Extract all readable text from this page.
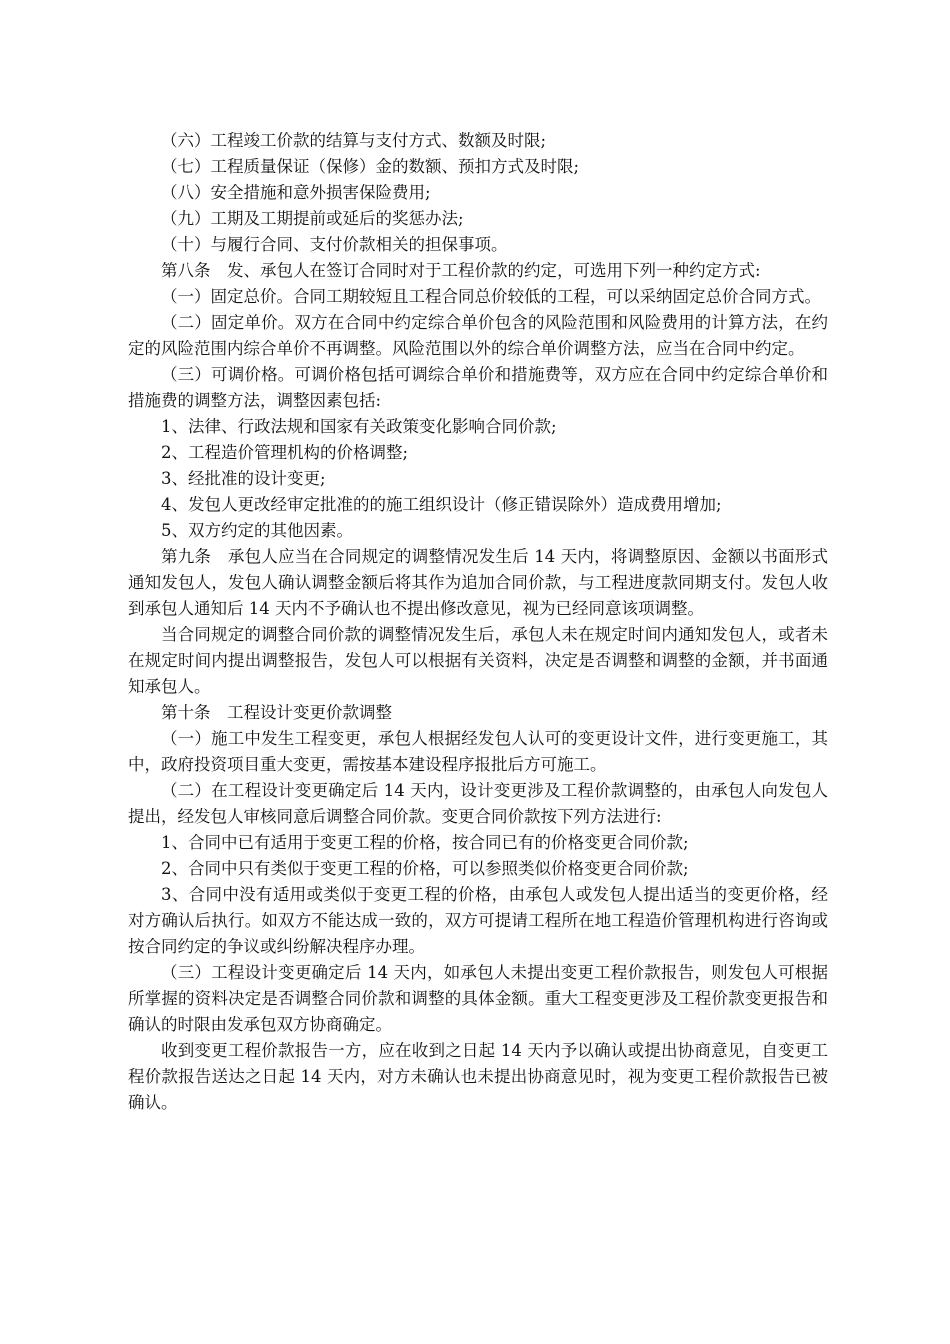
（六）工程竣工价款的结算与支付方式、数额及时限;

（七）工程质量保证（保修）金的数额、预扣方式及时限;

（八）安全措施和意外损害保险费用;

（九）工期及工期提前或延后的奖惩办法;

（十）与履行合同、支付价款相关的担保事项。

第八条　发、承包人在签订合同时对于工程价款的约定，可选用下列一种约定方式:

（一）固定总价。合同工期较短且工程合同总价较低的工程，可以采纳固定总价合同方式。

（二）固定单价。双方在合同中约定综合单价包含的风险范围和风险费用的计算方法，在约定的风险范围内综合单价不再调整。风险范围以外的综合单价调整方法，应当在合同中约定。

（三）可调价格。可调价格包括可调综合单价和措施费等，双方应在合同中约定综合单价和措施费的调整方法，调整因素包括:

1、法律、行政法规和国家有关政策变化影响合同价款;

2、工程造价管理机构的价格调整;

3、经批准的设计变更;

4、发包人更改经审定批准的的施工组织设计（修正错误除外）造成费用增加;

5、双方约定的其他因素。

第九条　承包人应当在合同规定的调整情况发生后 14 天内，将调整原因、金额以书面形式通知发包人，发包人确认调整金额后将其作为追加合同价款，与工程进度款同期支付。发包人收到承包人通知后 14 天内不予确认也不提出修改意见，视为已经同意该项调整。

当合同规定的调整合同价款的调整情况发生后，承包人未在规定时间内通知发包人，或者未在规定时间内提出调整报告，发包人可以根据有关资料，决定是否调整和调整的金额，并书面通知承包人。

第十条　工程设计变更价款调整

（一）施工中发生工程变更，承包人根据经发包人认可的变更设计文件，进行变更施工，其中，政府投资项目重大变更，需按基本建设程序报批后方可施工。

（二）在工程设计变更确定后 14 天内，设计变更涉及工程价款调整的，由承包人向发包人提出，经发包人审核同意后调整合同价款。变更合同价款按下列方法进行:

1、合同中已有适用于变更工程的价格，按合同已有的价格变更合同价款;

2、合同中只有类似于变更工程的价格，可以参照类似价格变更合同价款;

3、合同中没有适用或类似于变更工程的价格，由承包人或发包人提出适当的变更价格，经对方确认后执行。如双方不能达成一致的，双方可提请工程所在地工程造价管理机构进行咨询或按合同约定的争议或纠纷解决程序办理。

（三）工程设计变更确定后 14 天内，如承包人未提出变更工程价款报告，则发包人可根据所掌握的资料决定是否调整合同价款和调整的具体金额。重大工程变更涉及工程价款变更报告和确认的时限由发承包双方协商确定。

收到变更工程价款报告一方，应在收到之日起 14 天内予以确认或提出协商意见，自变更工程价款报告送达之日起 14 天内，对方未确认也未提出协商意见时，视为变更工程价款报告已被确认。
